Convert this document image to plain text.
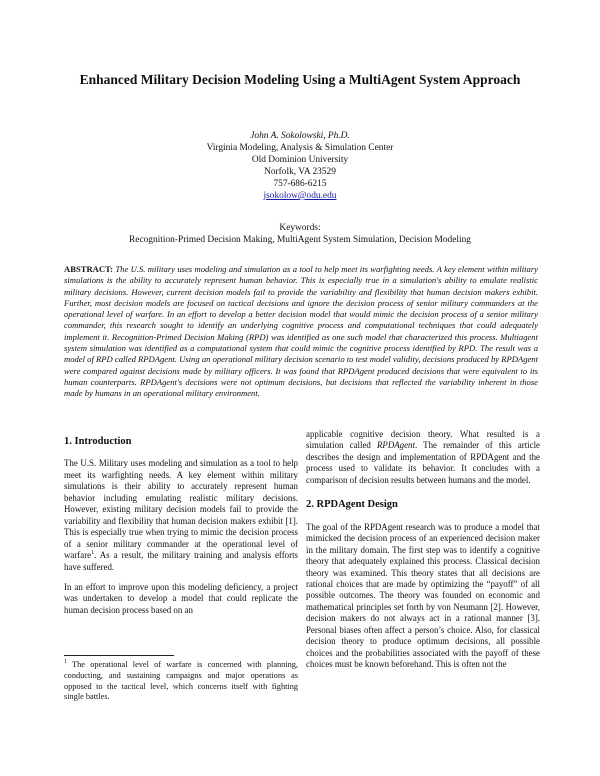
Enhanced Military Decision Modeling Using a MultiAgent System Approach
John A. Sokolowski, Ph.D.
Virginia Modeling, Analysis & Simulation Center
Old Dominion University
Norfolk, VA 23529
757-686-6215
jsokolow@odu.edu
Keywords:
Recognition-Primed Decision Making, MultiAgent System Simulation, Decision Modeling

ABSTRACT: The U.S. military uses modeling and simulation as a tool to help meet its warfighting needs. A key element within military simulations is the ability to accurately represent human behavior. This is especially true in a simulation's ability to emulate realistic military decisions. However, current decision models fail to provide the variability and flexibility that human decision makers exhibit. Further, most decision models are focused on tactical decisions and ignore the decision process of senior military commanders at the operational level of warfare. In an effort to develop a better decision model that would mimic the decision process of a senior military commander, this research sought to identify an underlying cognitive process and computational techniques that could adequately implement it. Recognition-Primed Decision Making (RPD) was identified as one such model that characterized this process. Multiagent system simulation was identified as a computational system that could mimic the cognitive process identified by RPD. The result was a model of RPD called RPDAgent. Using an operational military decision scenario to test model validity, decisions produced by RPDAgent were compared against decisions made by military officers. It was found that RPDAgent produced decisions that were equivalent to its human counterparts. RPDAgent's decisions were not optimum decisions, but decisions that reflected the variability inherent in those made by humans in an operational military environment.

1. Introduction

The U.S. Military uses modeling and simulation as a tool to help meet its warfighting needs. A key element within military simulations is their ability to accurately represent human behavior including emulating realistic military decisions. However, existing military decision models fail to provide the variability and flexibility that human decision makers exhibit [1]. This is especially true when trying to mimic the decision process of a senior military commander at the operational level of warfare$^1$. As a result, the military training and analysis efforts have suffered.

In an effort to improve upon this modeling deficiency, a project was undertaken to develop a model that could replicate the human decision process based on an

$^1$ The operational level of warfare is concerned with planning, conducting, and sustaining campaigns and major operations as opposed to the tactical level, which concerns itself with fighting single battles.

applicable cognitive decision theory. What resulted is a simulation called RPDAgent. The remainder of this article describes the design and implementation of RPDAgent and the process used to validate its behavior. It concludes with a comparison of decision results between humans and the model.

2. RPDAgent Design

The goal of the RPDAgent research was to produce a model that mimicked the decision process of an experienced decision maker in the military domain. The first step was to identify a cognitive theory that adequately explained this process. Classical decision theory was examined. This theory states that all decisions are rational choices that are made by optimizing the “payoff” of all possible outcomes. The theory was founded on economic and mathematical principles set forth by von Neumann [2]. However, decision makers do not always act in a rational manner [3]. Personal biases often affect a person’s choice. Also, for classical decision theory to produce optimum decisions, all possible choices and the probabilities associated with the payoff of these choices must be known beforehand. This is often not the
